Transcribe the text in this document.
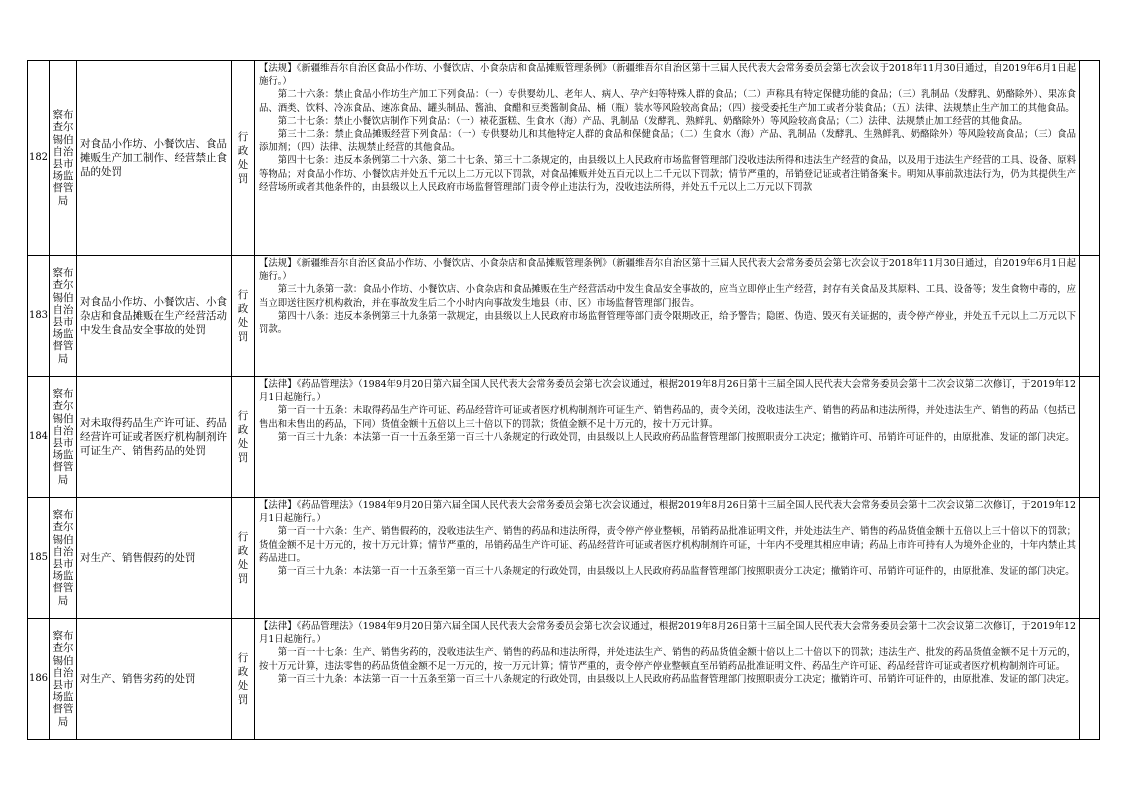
182	察布查尔锡伯自治县市场监督管局	对食品小作坊、小餐饮店、食品摊贩生产加工制作、经营禁止食品的处罚	行政处罚	【法规】《新疆维吾尔自治区食品小作坊、小餐饮店、小食杂店和食品摊贩管理条例》（新疆维吾尔自治区第十三届人民代表大会常务委员会第七次会议于2018年11月30日通过，自2019年6月1日起施行。）

第二十六条：禁止食品小作坊生产加工下列食品：（一）专供婴幼儿、老年人、病人、孕产妇等特殊人群的食品；（二）声称具有特定保健功能的食品；（三）乳制品（发酵乳、奶酪除外）、果冻食品、酒类、饮料、冷冻食品、速冻食品、罐头制品、酱油、食醋和豆类酱制食品、桶（瓶）装水等风险较高食品；（四）接受委托生产加工或者分装食品；（五）法律、法规禁止生产加工的其他食品。

第二十七条：禁止小餐饮店制作下列食品：（一）裱花蛋糕、生食水（海）产品、乳制品（发酵乳、熟鲜乳、奶酪除外）等风险较高食品；（二）法律、法规禁止加工经营的其他食品。

第三十二条：禁止食品摊贩经营下列食品：（一）专供婴幼儿和其他特定人群的食品和保健食品；（二）生食水（海）产品、乳制品（发酵乳、生熟鲜乳、奶酪除外）等风险较高食品；（三）食品添加剂；（四）法律、法规禁止经营的其他食品。

第四十七条：违反本条例第二十六条、第二十七条、第三十二条规定的，由县级以上人民政府市场监督管理部门没收违法所得和违法生产经营的食品，以及用于违法生产经营的工具、设备、原料等物品；对食品小作坊、小餐饮店并处五千元以上二万元以下罚款，对食品摊贩并处五百元以上二千元以下罚款；情节严重的，吊销登记证或者注销备案卡。明知从事前款违法行为，仍为其提供生产经营场所或者其他条件的，由县级以上人民政府市场监督管理部门责令停止违法行为，没收违法所得，并处五千元以上二万元以下罚款	

183	察布查尔锡伯自治县市场监督管局	对食品小作坊、小餐饮店、小食杂店和食品摊贩在生产经营活动中发生食品安全事故的处罚	行政处罚	【法规】《新疆维吾尔自治区食品小作坊、小餐饮店、小食杂店和食品摊贩管理条例》（新疆维吾尔自治区第十三届人民代表大会常务委员会第七次会议于2018年11月30日通过，自2019年6月1日起施行。）

第三十九条第一款：食品小作坊、小餐饮店、小食杂店和食品摊贩在生产经营活动中发生食品安全事故的，应当立即停止生产经营，封存有关食品及其原料、工具、设备等；发生食物中毒的，应当立即送往医疗机构救治，并在事故发生后二个小时内向事故发生地县（市、区）市场监督管理部门报告。

第四十八条：违反本条例第三十九条第一款规定，由县级以上人民政府市场监督管理等部门责令限期改正，给予警告；隐匿、伪造、毁灭有关证据的，责令停产停业，并处五千元以上二万元以下罚款。	

184	察布查尔锡伯自治县市场监督管局	对未取得药品生产许可证、药品经营许可证或者医疗机构制剂许可证生产、销售药品的处罚	行政处罚	【法律】《药品管理法》（1984年9月20日第六届全国人民代表大会常务委员会第七次会议通过，根据2019年8月26日第十三届全国人民代表大会常务委员会第十二次会议第二次修订，于2019年12月1日起施行。）

第一百一十五条：未取得药品生产许可证、药品经营许可证或者医疗机构制剂许可证生产、销售药品的，责令关闭，没收违法生产、销售的药品和违法所得，并处违法生产、销售的药品（包括已售出和未售出的药品，下同）货值金额十五倍以上三十倍以下的罚款；货值金额不足十万元的，按十万元计算。

第一百三十九条：本法第一百一十五条至第一百三十八条规定的行政处罚，由县级以上人民政府药品监督管理部门按照职责分工决定；撤销许可、吊销许可证件的，由原批准、发证的部门决定。	

185	察布查尔锡伯自治县市场监督管局	对生产、销售假药的处罚	行政处罚	【法律】《药品管理法》（1984年9月20日第六届全国人民代表大会常务委员会第七次会议通过，根据2019年8月26日第十三届全国人民代表大会常务委员会第十二次会议第二次修订，于2019年12月1日起施行。）

第一百一十六条：生产、销售假药的，没收违法生产、销售的药品和违法所得，责令停产停业整顿，吊销药品批准证明文件，并处违法生产、销售的药品货值金额十五倍以上三十倍以下的罚款；货值金额不足十万元的，按十万元计算；情节严重的，吊销药品生产许可证、药品经营许可证或者医疗机构制剂许可证，十年内不受理其相应申请；药品上市许可持有人为境外企业的，十年内禁止其药品进口。

第一百三十九条：本法第一百一十五条至第一百三十八条规定的行政处罚，由县级以上人民政府药品监督管理部门按照职责分工决定；撤销许可、吊销许可证件的，由原批准、发证的部门决定。	

186	察布查尔锡伯自治县市场监督管局	对生产、销售劣药的处罚	行政处罚	【法律】《药品管理法》（1984年9月20日第六届全国人民代表大会常务委员会第七次会议通过，根据2019年8月26日第十三届全国人民代表大会常务委员会第十二次会议第二次修订，于2019年12月1日起施行。）

第一百一十七条：生产、销售劣药的，没收违法生产、销售的药品和违法所得，并处违法生产、销售的药品货值金额十倍以上二十倍以下的罚款；违法生产、批发的药品货值金额不足十万元的，按十万元计算，违法零售的药品货值金额不足一万元的，按一万元计算；情节严重的，责令停产停业整顿直至吊销药品批准证明文件、药品生产许可证、药品经营许可证或者医疗机构制剂许可证。

第一百三十九条：本法第一百一十五条至第一百三十八条规定的行政处罚，由县级以上人民政府药品监督管理部门按照职责分工决定；撤销许可、吊销许可证件的，由原批准、发证的部门决定。	
